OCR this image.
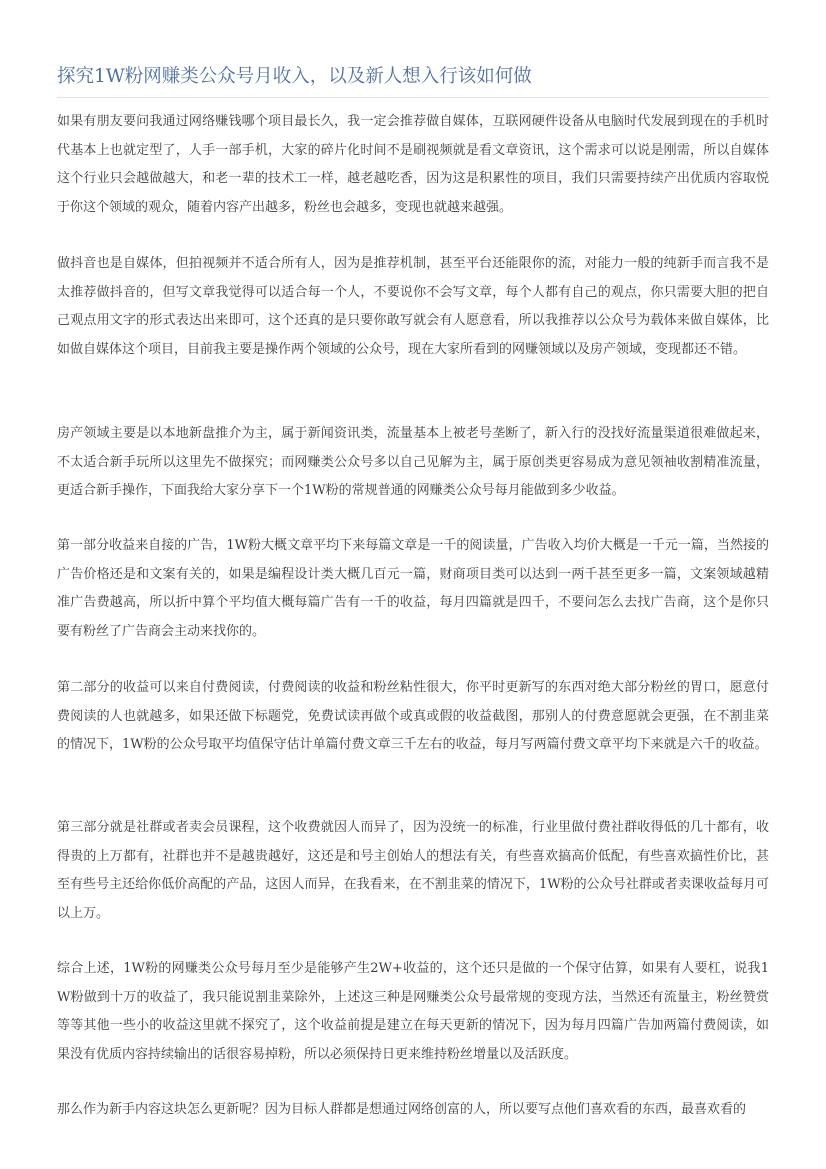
探究1W粉网赚类公众号月收入，以及新人想入行该如何做

如果有朋友要问我通过网络赚钱哪个项目最长久，我一定会推荐做自媒体，互联网硬件设备从电脑时代发展到现在的手机时代基本上也就定型了，人手一部手机，大家的碎片化时间不是刷视频就是看文章资讯，这个需求可以说是刚需，所以自媒体这个行业只会越做越大，和老一辈的技术工一样，越老越吃香，因为这是积累性的项目，我们只需要持续产出优质内容取悦于你这个领域的观众，随着内容产出越多，粉丝也会越多，变现也就越来越强。

做抖音也是自媒体，但拍视频并不适合所有人，因为是推荐机制，甚至平台还能限你的流，对能力一般的纯新手而言我不是太推荐做抖音的，但写文章我觉得可以适合每一个人，不要说你不会写文章，每个人都有自己的观点，你只需要大胆的把自己观点用文字的形式表达出来即可，这个还真的是只要你敢写就会有人愿意看，所以我推荐以公众号为载体来做自媒体，比如做自媒体这个项目，目前我主要是操作两个领域的公众号，现在大家所看到的网赚领域以及房产领域，变现都还不错。

房产领域主要是以本地新盘推介为主，属于新闻资讯类，流量基本上被老号垄断了，新入行的没找好流量渠道很难做起来，不太适合新手玩所以这里先不做探究；而网赚类公众号多以自己见解为主，属于原创类更容易成为意见领袖收割精准流量，更适合新手操作，下面我给大家分享下一个1W粉的常规普通的网赚类公众号每月能做到多少收益。

第一部分收益来自接的广告，1W粉大概文章平均下来每篇文章是一千的阅读量，广告收入均价大概是一千元一篇，当然接的广告价格还是和文案有关的，如果是编程设计类大概几百元一篇，财商项目类可以达到一两千甚至更多一篇，文案领域越精准广告费越高，所以折中算个平均值大概每篇广告有一千的收益，每月四篇就是四千，不要问怎么去找广告商，这个是你只要有粉丝了广告商会主动来找你的。

第二部分的收益可以来自付费阅读，付费阅读的收益和粉丝粘性很大，你平时更新写的东西对绝大部分粉丝的胃口，愿意付费阅读的人也就越多，如果还做下标题党，免费试读再做个或真或假的收益截图，那别人的付费意愿就会更强，在不割韭菜的情况下，1W粉的公众号取平均值保守估计单篇付费文章三千左右的收益，每月写两篇付费文章平均下来就是六千的收益。

第三部分就是社群或者卖会员课程，这个收费就因人而异了，因为没统一的标准，行业里做付费社群收得低的几十都有，收得贵的上万都有，社群也并不是越贵越好，这还是和号主创始人的想法有关，有些喜欢搞高价低配，有些喜欢搞性价比，甚至有些号主还给你低价高配的产品，这因人而异，在我看来，在不割韭菜的情况下，1W粉的公众号社群或者卖课收益每月可以上万。

综合上述，1W粉的网赚类公众号每月至少是能够产生2W+收益的，这个还只是做的一个保守估算，如果有人要杠，说我1W粉做到十万的收益了，我只能说割韭菜除外，上述这三种是网赚类公众号最常规的变现方法，当然还有流量主，粉丝赞赏等等其他一些小的收益这里就不探究了，这个收益前提是建立在每天更新的情况下，因为每月四篇广告加两篇付费阅读，如果没有优质内容持续输出的话很容易掉粉，所以必须保持日更来维持粉丝增量以及活跃度。

那么作为新手内容这块怎么更新呢？因为目标人群都是想通过网络创富的人，所以要写点他们喜欢看的东西，最喜欢看的
